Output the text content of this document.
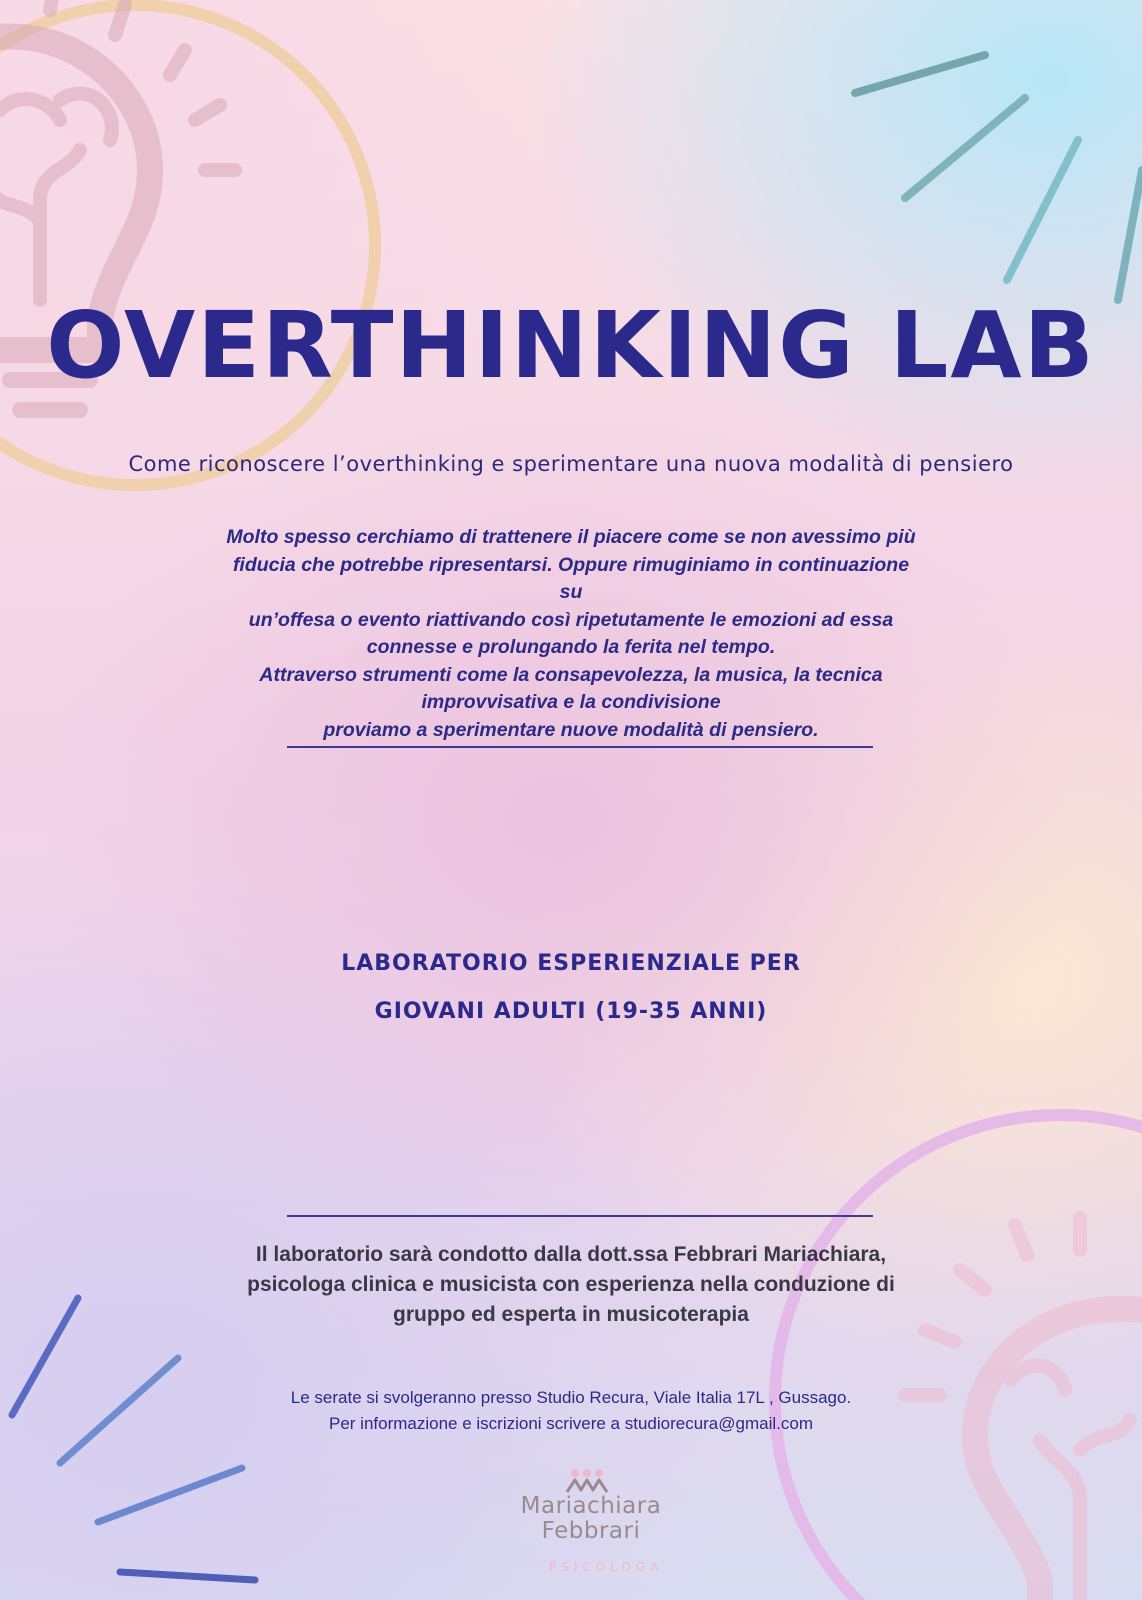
OVERTHINKING LAB
Come riconoscere l’overthinking e sperimentare una nuova modalità di pensiero

Molto spesso cerchiamo di trattenere il piacere come se non avessimo più
fiducia che potrebbe ripresentarsi. Oppure rimuginiamo in continuazione su
un’offesa o evento riattivando così ripetutamente le emozioni ad essa
connesse e prolungando la ferita nel tempo.
Attraverso strumenti come la consapevolezza, la musica, la tecnica
improvvisativa e la condivisione
proviamo a sperimentare nuove modalità di pensiero.

LABORATORIO ESPERIENZIALE PER
GIOVANI ADULTI (19-35 ANNI)

Il laboratorio sarà condotto dalla dott.ssa Febbrari Mariachiara,
psicologa clinica e musicista con esperienza nella conduzione di
gruppo ed esperta in musicoterapia

Le serate si svolgeranno presso Studio Recura, Viale Italia 17L , Gussago.
Per informazione e iscrizioni scrivere a studiorecura@gmail.com

Mariachiara
Febbrari
PSICOLOGA
